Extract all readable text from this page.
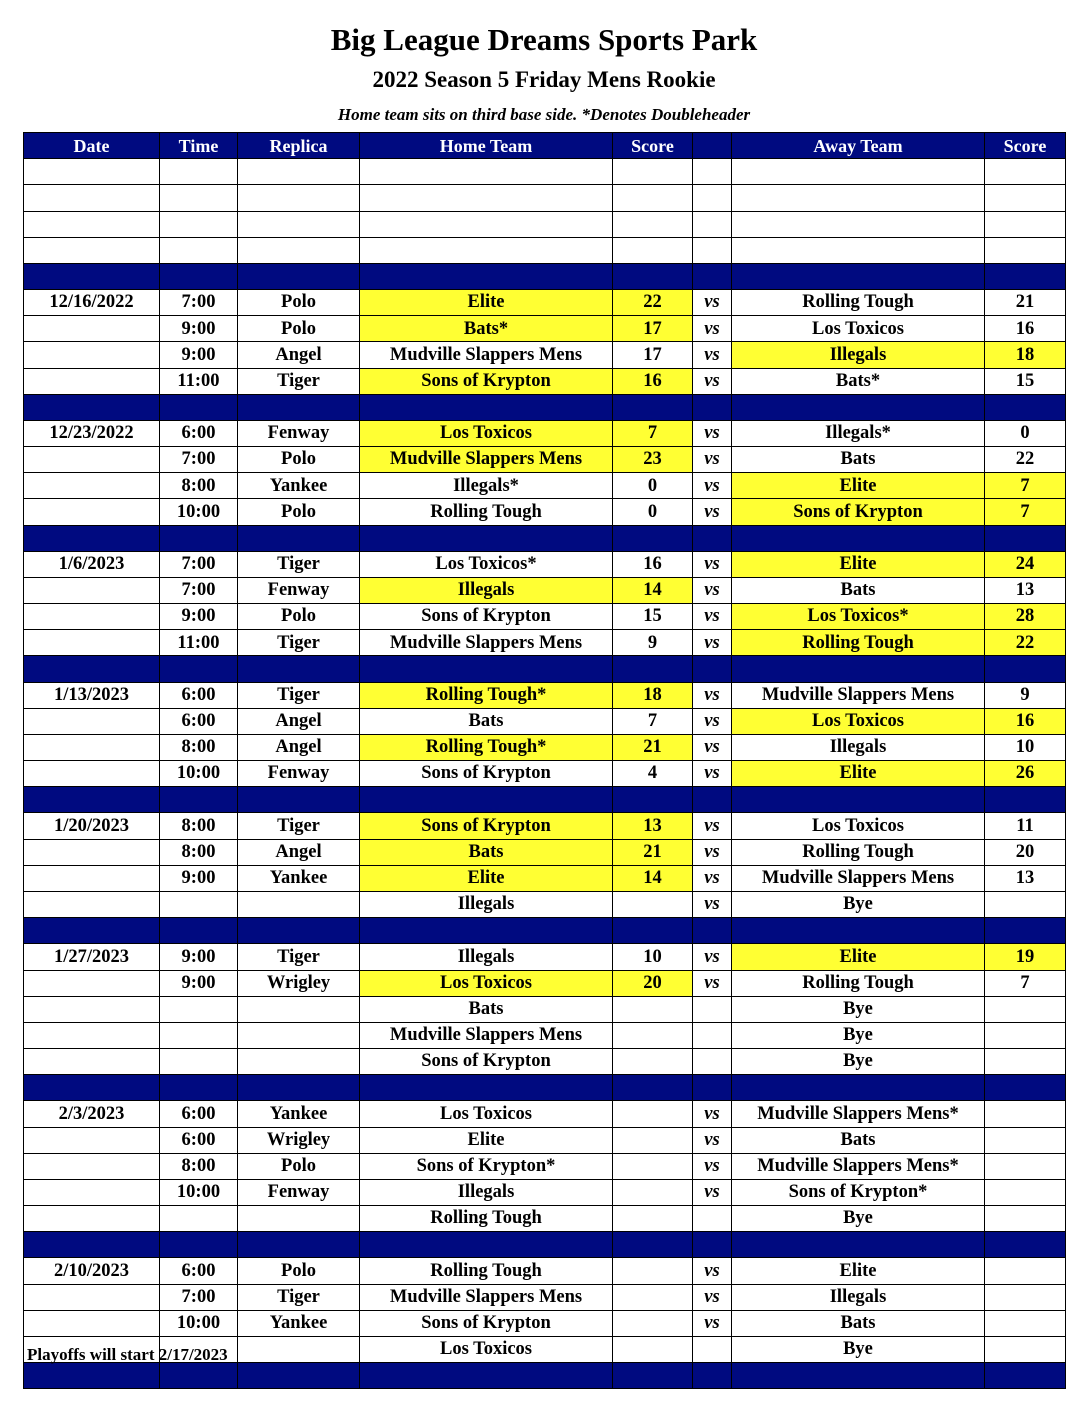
Big League Dreams Sports Park
2022 Season 5 Friday Mens Rookie
Home team sits on third base side. *Denotes Doubleheader
Date	Time	Replica	Home Team	Score		Away Team	Score

12/16/2022	7:00	Polo	Elite	22	vs	Rolling Tough	21
	9:00	Polo	Bats*	17	vs	Los Toxicos	16
	9:00	Angel	Mudville Slappers Mens	17	vs	Illegals	18
	11:00	Tiger	Sons of Krypton	16	vs	Bats*	15

12/23/2022	6:00	Fenway	Los Toxicos	7	vs	Illegals*	0
	7:00	Polo	Mudville Slappers Mens	23	vs	Bats	22
	8:00	Yankee	Illegals*	0	vs	Elite	7
	10:00	Polo	Rolling Tough	0	vs	Sons of Krypton	7

1/6/2023	7:00	Tiger	Los Toxicos*	16	vs	Elite	24
	7:00	Fenway	Illegals	14	vs	Bats	13
	9:00	Polo	Sons of Krypton	15	vs	Los Toxicos*	28
	11:00	Tiger	Mudville Slappers Mens	9	vs	Rolling Tough	22

1/13/2023	6:00	Tiger	Rolling Tough*	18	vs	Mudville Slappers Mens	9
	6:00	Angel	Bats	7	vs	Los Toxicos	16
	8:00	Angel	Rolling Tough*	21	vs	Illegals	10
	10:00	Fenway	Sons of Krypton	4	vs	Elite	26

1/20/2023	8:00	Tiger	Sons of Krypton	13	vs	Los Toxicos	11
	8:00	Angel	Bats	21	vs	Rolling Tough	20
	9:00	Yankee	Elite	14	vs	Mudville Slappers Mens	13
			Illegals		vs	Bye	

1/27/2023	9:00	Tiger	Illegals	10	vs	Elite	19
	9:00	Wrigley	Los Toxicos	20	vs	Rolling Tough	7
			Bats			Bye	
			Mudville Slappers Mens			Bye	
			Sons of Krypton			Bye	

2/3/2023	6:00	Yankee	Los Toxicos		vs	Mudville Slappers Mens*	
	6:00	Wrigley	Elite		vs	Bats	
	8:00	Polo	Sons of Krypton*		vs	Mudville Slappers Mens*	
	10:00	Fenway	Illegals		vs	Sons of Krypton*	
			Rolling Tough			Bye	

2/10/2023	6:00	Polo	Rolling Tough		vs	Elite	
	7:00	Tiger	Mudville Slappers Mens		vs	Illegals	
	10:00	Yankee	Sons of Krypton		vs	Bats	
			Los Toxicos			Bye	

Playoffs will start 2/17/2023
